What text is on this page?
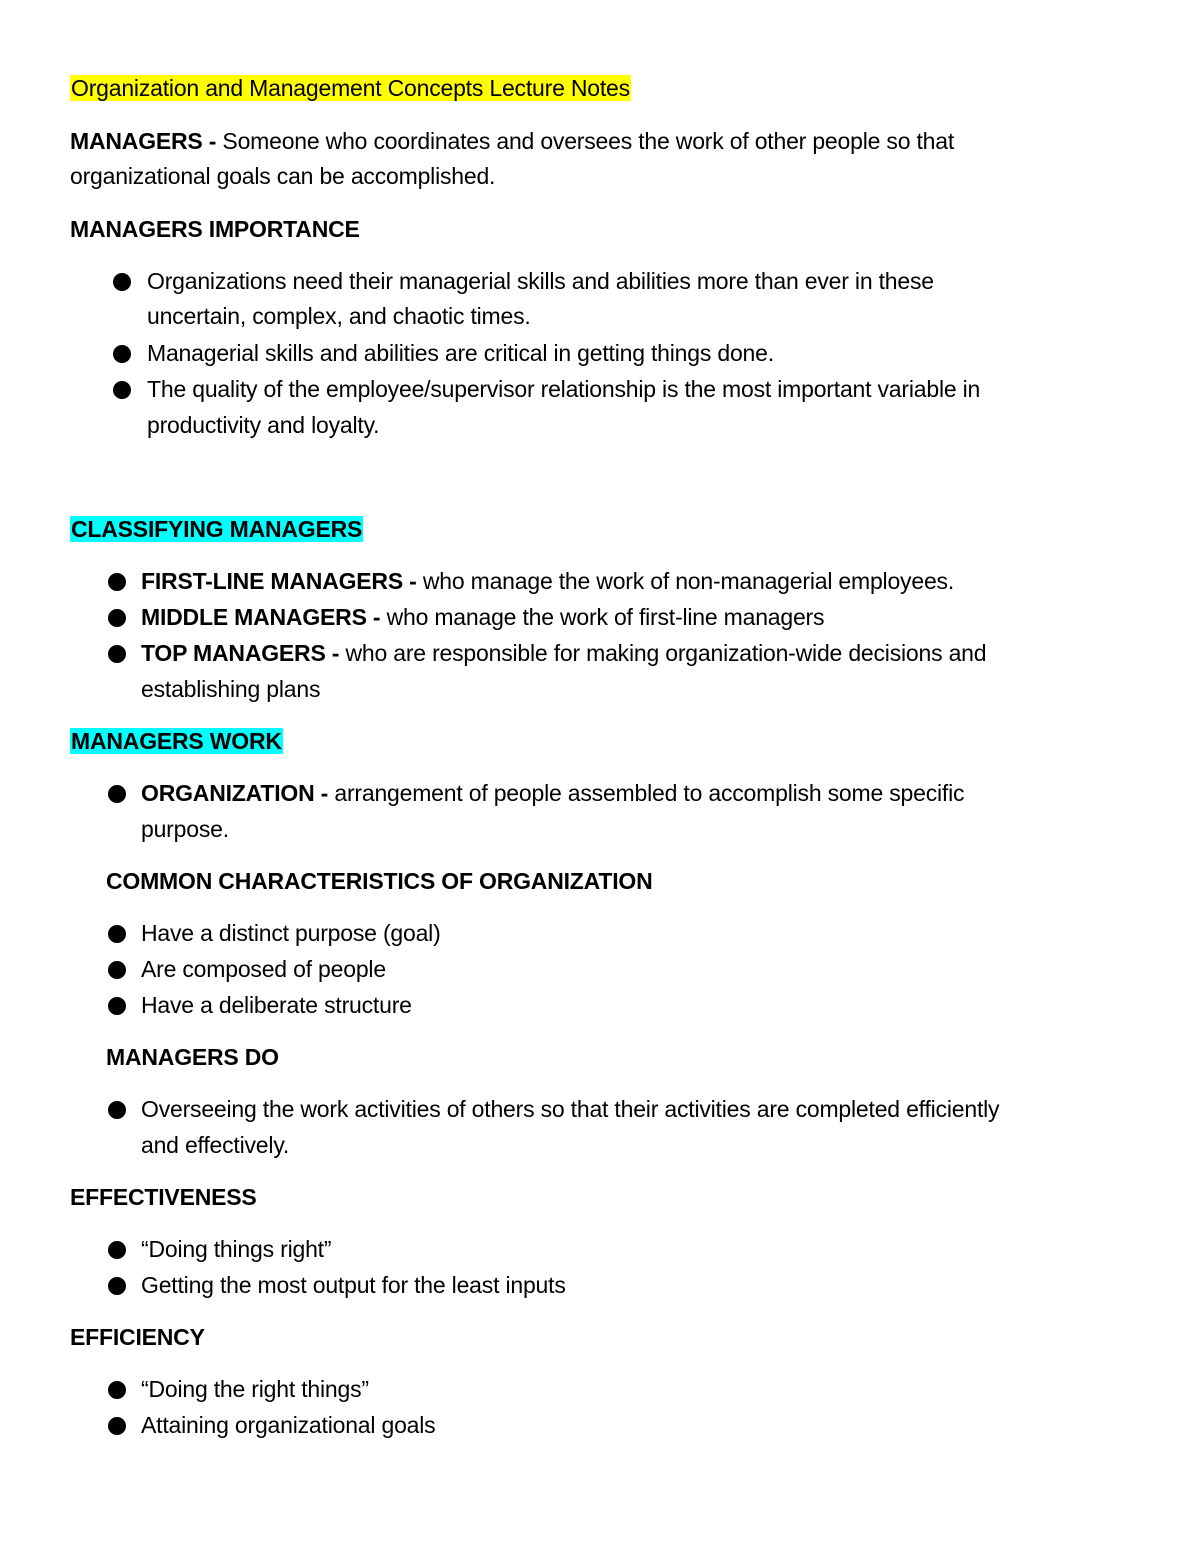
Organization and Management Concepts Lecture Notes
MANAGERS - Someone who coordinates and oversees the work of other people so that
organizational goals can be accomplished.
MANAGERS IMPORTANCE
Organizations need their managerial skills and abilities more than ever in these
uncertain, complex, and chaotic times.
Managerial skills and abilities are critical in getting things done.
The quality of the employee/supervisor relationship is the most important variable in
productivity and loyalty.
CLASSIFYING MANAGERS
FIRST-LINE MANAGERS - who manage the work of non-managerial employees.
MIDDLE MANAGERS - who manage the work of first-line managers
TOP MANAGERS - who are responsible for making organization-wide decisions and
establishing plans
MANAGERS WORK
ORGANIZATION - arrangement of people assembled to accomplish some specific
purpose.
COMMON CHARACTERISTICS OF ORGANIZATION
Have a distinct purpose (goal)
Are composed of people
Have a deliberate structure
MANAGERS DO
Overseeing the work activities of others so that their activities are completed efficiently
and effectively.
EFFECTIVENESS
“Doing things right”
Getting the most output for the least inputs
EFFICIENCY
“Doing the right things”
Attaining organizational goals
